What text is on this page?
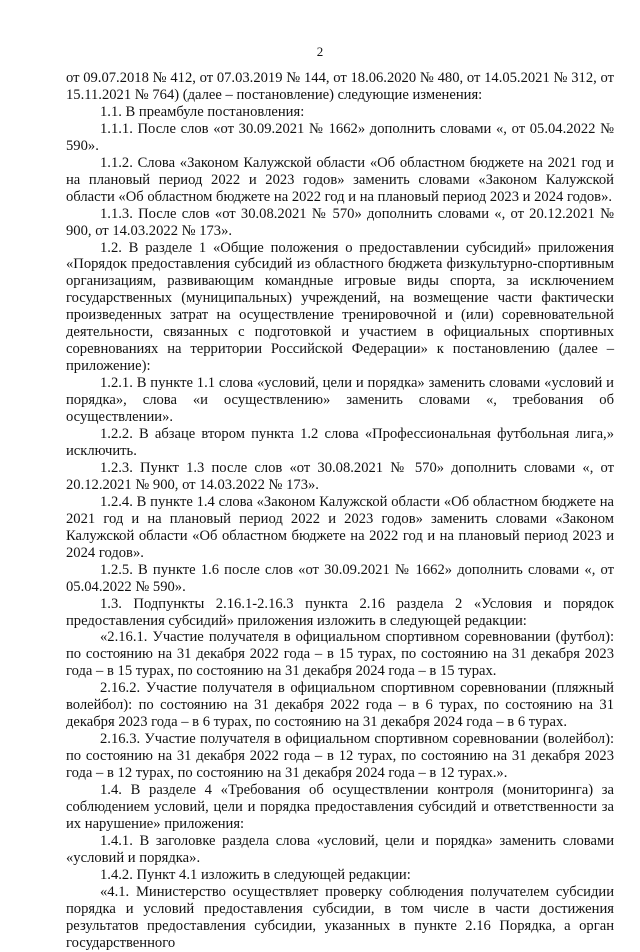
2

от 09.07.2018 № 412, от 07.03.2019 № 144, от 18.06.2020 № 480, от 14.05.2021 № 312, от 15.11.2021 № 764) (далее – постановление) следующие изменения:

1.1. В преамбуле постановления:

1.1.1. После слов «от 30.09.2021 № 1662» дополнить словами «, от 05.04.2022 № 590».

1.1.2. Слова «Законом Калужской области «Об областном бюджете на 2021 год и на плановый период 2022 и 2023 годов» заменить словами «Законом Калужской области «Об областном бюджете на 2022 год и на плановый период 2023 и 2024 годов».

1.1.3. После слов «от 30.08.2021 № 570» дополнить словами «, от 20.12.2021 № 900, от 14.03.2022 № 173».

1.2. В разделе 1 «Общие положения о предоставлении субсидий» приложения «Порядок предоставления субсидий из областного бюджета физкультурно-спортивным организациям, развивающим командные игровые виды спорта, за исключением государственных (муниципальных) учреждений, на возмещение части фактически произведенных затрат на осуществление тренировочной и (или) соревновательной деятельности, связанных с подготовкой и участием в официальных спортивных соревнованиях на территории Российской Федерации» к постановлению (далее – приложение):

1.2.1. В пункте 1.1 слова «условий, цели и порядка» заменить словами «условий и порядка», слова «и осуществлению» заменить словами «, требования об осуществлении».

1.2.2. В абзаце втором пункта 1.2 слова «Профессиональная футбольная лига,» исключить.

1.2.3. Пункт 1.3 после слов «от 30.08.2021 № 570» дополнить словами «, от 20.12.2021 № 900, от 14.03.2022 № 173».

1.2.4. В пункте 1.4 слова «Законом Калужской области «Об областном бюджете на 2021 год и на плановый период 2022 и 2023 годов» заменить словами «Законом Калужской области «Об областном бюджете на 2022 год и на плановый период 2023 и 2024 годов».

1.2.5. В пункте 1.6 после слов «от 30.09.2021 № 1662» дополнить словами «, от 05.04.2022 № 590».

1.3. Подпункты 2.16.1-2.16.3 пункта 2.16 раздела 2 «Условия и порядок предоставления субсидий» приложения изложить в следующей редакции:

«2.16.1. Участие получателя в официальном спортивном соревновании (футбол): по состоянию на 31 декабря 2022 года – в 15 турах, по состоянию на 31 декабря 2023 года – в 15 турах, по состоянию на 31 декабря 2024 года – в 15 турах.

2.16.2. Участие получателя в официальном спортивном соревновании (пляжный волейбол): по состоянию на 31 декабря 2022 года – в 6 турах, по состоянию на 31 декабря 2023 года – в 6 турах, по состоянию на 31 декабря 2024 года – в 6 турах.

2.16.3. Участие получателя в официальном спортивном соревновании (волейбол): по состоянию на 31 декабря 2022 года – в 12 турах, по состоянию на 31 декабря 2023 года – в 12 турах, по состоянию на 31 декабря 2024 года – в 12 турах.».

1.4. В разделе 4 «Требования об осуществлении контроля (мониторинга) за соблюдением условий, цели и порядка предоставления субсидий и ответственности за их нарушение» приложения:

1.4.1. В заголовке раздела слова «условий, цели и порядка» заменить словами «условий и порядка».

1.4.2. Пункт 4.1 изложить в следующей редакции:

«4.1. Министерство осуществляет проверку соблюдения получателем субсидии порядка и условий предоставления субсидии, в том числе в части достижения результатов предоставления субсидии, указанных в пункте 2.16 Порядка, а орган государственного
